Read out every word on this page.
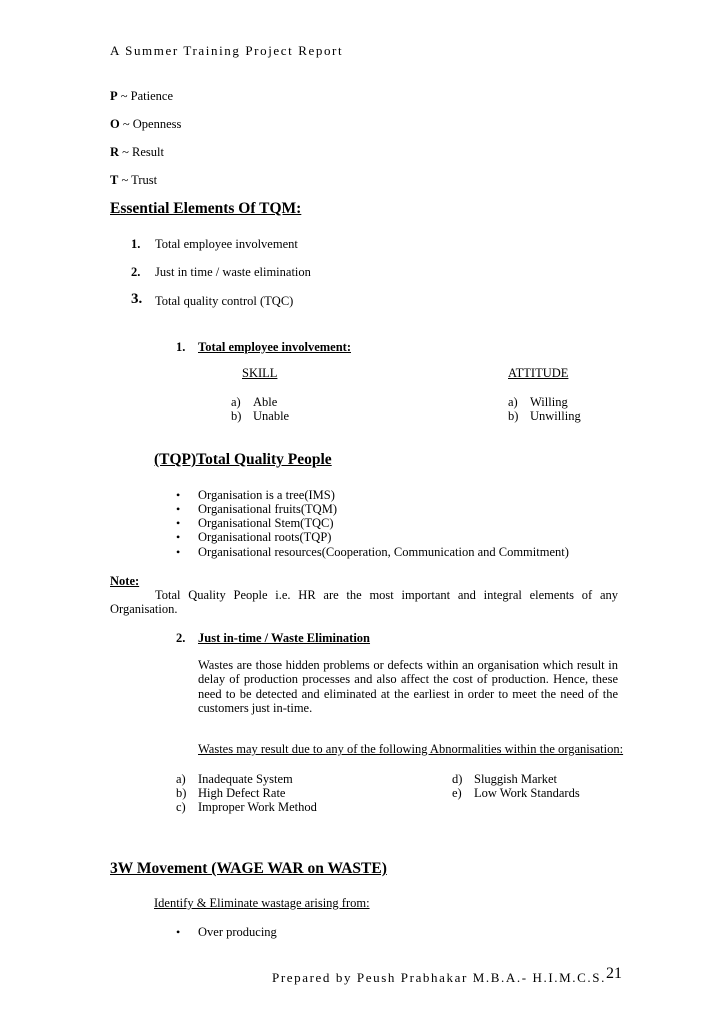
A Summer Training Project Report
P ~ Patience
O ~ Openness
R ~ Result
T ~ Trust
Essential Elements Of TQM:
1. Total employee involvement
2. Just in time / waste elimination
3. Total quality control (TQC)
1. Total employee involvement:
SKILL	ATTITUDE
a) Able
b) Unable
a) Willing
b) Unwilling
(TQP)Total Quality People
• Organisation is a tree(IMS)
• Organisational fruits(TQM)
• Organisational Stem(TQC)
• Organisational roots(TQP)
• Organisational resources(Cooperation, Communication and Commitment)
Note:
Total Quality People i.e. HR are the most important and integral elements of any Organisation.
2. Just in-time / Waste Elimination
Wastes are those hidden problems or defects within an organisation which result in delay of production processes and also affect the cost of production. Hence, these need to be detected and eliminated at the earliest in order to meet the need of the customers just in-time.
Wastes may result due to any of the following Abnormalities within the organisation:
a) Inadequate System
b) High Defect Rate
c) Improper Work Method
d) Sluggish Market
e) Low Work Standards
3W Movement (WAGE WAR on WASTE)
Identify & Eliminate wastage arising from:
• Over producing
Prepared by Peush Prabhakar M.B.A.- H.I.M.C.S. 21
